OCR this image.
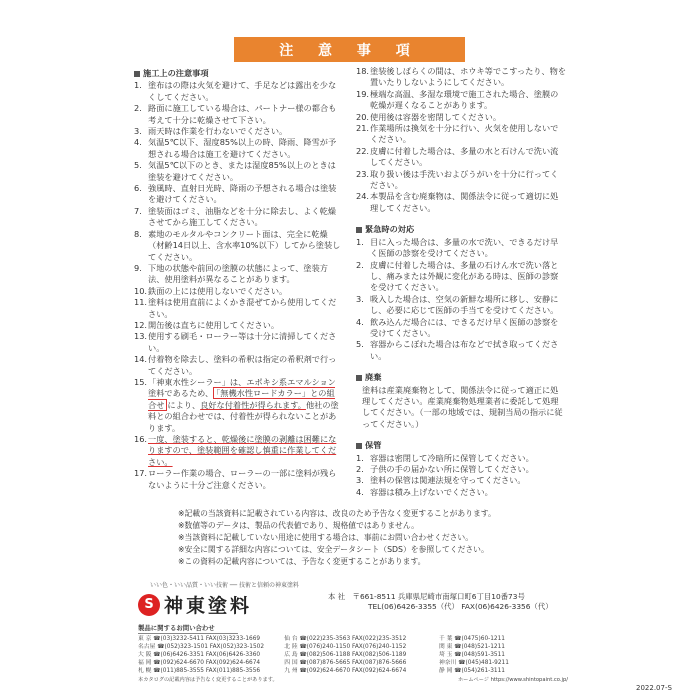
注 意 事 項
施工上の注意事項
1. 塗布はの際は火気を避けて、手足などは露出を少なくしてください。
2. 路面に施工している場合は、パートナー様の都合も考えて十分に乾燥させて下さい。
3. 雨天時は作業を行わないでください。
4. 気温5℃以下、湿度85%以上の時、降雨、降雪が予想される場合は施工を避けてください。
5. 気温5℃以下のとき、または湿度85%以上のときは塗装を避けてください。
6. 強風時、直射日光時、降雨の予想される場合は塗装を避けてください。
7. 塗装面はゴミ、油脂などを十分に除去し、よく乾燥させてから施工してください。
8. 素地のモルタルやコンクリート面は、完全に乾燥（材齢14日以上、含水率10%以下）してから塗装してください。
9. 下地の状態や前回の塗膜の状態によって、塗装方法、使用塗料が異なることがあります。
10. 鉄面の上には使用しないでください。
11. 塗料は使用直前によくかき混ぜてから使用してください。
12. 開缶後は直ちに使用してください。
13. 使用する刷毛・ローラー等は十分に清掃してください。
14. 付着物を除去し、塗料の希釈は指定の希釈剤で行ってください。
15. 「神東水性シーラー」は、エポキシ系エマルション塗料であるため、 「無機水性ロードカラー」との組合せ により、良好な付着性が得られます。他社の塗料との組合わせでは、付着性が得られないことがあります。
16. 一度、塗装すると、乾燥後に塗膜の剥離は困難になりますので、塗装範囲を確認し慎重に作業してください。
17. ローラー作業の場合、ローラーの一部に塗料が残らないように十分ご注意ください。
18. 塗装後しばらくの間は、ホウキ等でこすったり、物を置いたりしないようにしてください。
19. 極端な高温、多湿な環境で施工された場合、塗膜の乾燥が遅くなることがあります。
20. 使用後は容器を密閉してください。
21. 作業場所は換気を十分に行い、火気を使用しないでください。
22. 皮膚に付着した場合は、多量の水と石けんで洗い流してください。
23. 取り扱い後は手洗いおよびうがいを十分に行ってください。
24. 本製品を含む廃棄物は、関係法令に従って適切に処理してください。
緊急時の対応
1. 目に入った場合は、多量の水で洗い、できるだけ早く医師の診察を受けてください。
2. 皮膚に付着した場合は、多量の石けん水で洗い落とし、痛みまたは外観に変化がある時は、医師の診察を受けてください。
3. 吸入した場合は、空気の新鮮な場所に移し、安静にし、必要に応じて医師の手当てを受けてください。
4. 飲み込んだ場合には、できるだけ早く医師の診察を受けてください。
5. 容器からこぼれた場合は布などで拭き取ってください。
廃棄
塗料は産業廃棄物として、関係法令に従って適正に処理してください。産業廃棄物処理業者に委託して処理してください。（一部の地域では、規制当局の指示に従ってください。）
保管
1. 容器は密閉して冷暗所に保管してください。
2. 子供の手の届かない所に保管してください。
3. 塗料の保管は関連法規を守ってください。
4. 容器は積み上げないでください。
※記載の当該資料に記載されている内容は、改良のため予告なく変更することがあります。
※数値等のデータは、製品の代表値であり、規格値ではありません。
※当該資料に記載していない用途に使用する場合は、事前にお問い合わせください。
※安全に関する詳細な内容については、安全データシート（SDS）を参照してください。
※この資料の記載内容については、予告なく変更することがあります。
いい色・いい品質・いい技術 ── 技術と信頼の神東塗料
S 神東塗料	本 社　 〒661-8511 兵庫県尼崎市南塚口町6丁目10番73号
TEL(06)6426-3355（代） FAX(06)6426-3356（代）
製品に関するお問い合わせ
東 京 ☎(03)3232-5411 FAX(03)3233-1669
名古屋 ☎(052)323-1501 FAX(052)323-1502
大 阪 ☎(06)6426-3351 FAX(06)6426-3360
福 岡 ☎(092)624-6670 FAX(092)624-6674
札 幌 ☎(011)885-3555 FAX(011)885-3556
仙 台 ☎(022)235-3563 FAX(022)235-3512
北 陸 ☎(076)240-1150 FAX(076)240-1152
広 島 ☎(082)506-1188 FAX(082)506-1189
四 国 ☎(087)876-5665 FAX(087)876-5666
九 州 ☎(092)624-6670 FAX(092)624-6674
千 葉 ☎(0475)60-1211
関 東 ☎(048)521-1211
埼 玉 ☎(048)591-3511
神奈川 ☎(045)481-9211
静 岡 ☎(054)261-3111
本カタログの記載内容は予告なく変更することがあります。	ホームページ https://www.shintopaint.co.jp/
2022.07-S
